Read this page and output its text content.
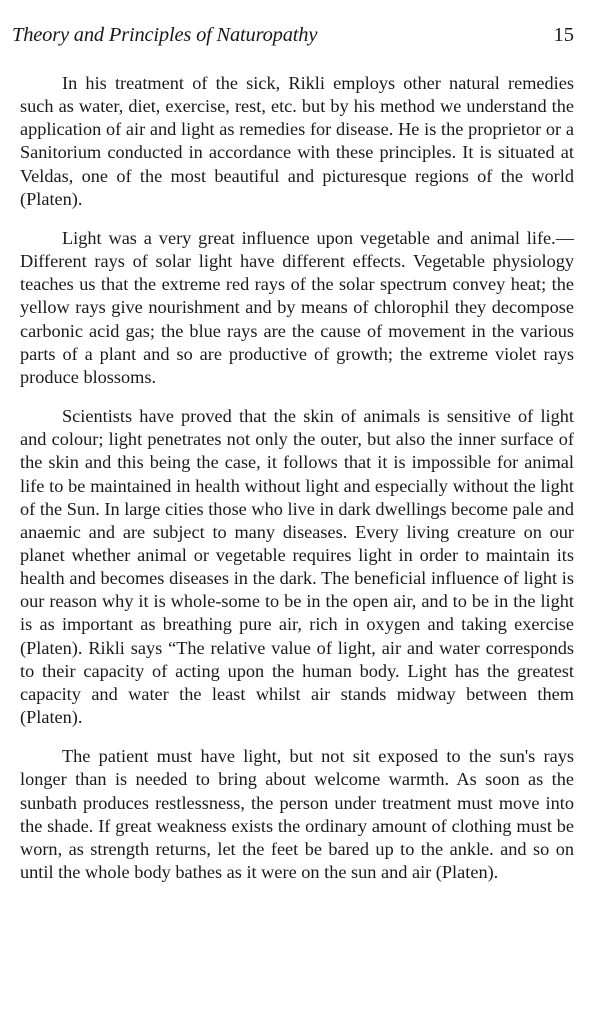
Theory and Principles of Naturopathy	15

In his treatment of the sick, Rikli employs other natural remedies such as water, diet, exercise, rest, etc. but by his method we understand the application of air and light as remedies for disease. He is the proprietor or a Sanitorium conducted in accordance with these principles. It is situated at Veldas, one of the most beautiful and picturesque regions of the world (Platen).

Light was a very great influence upon vegetable and animal life.—Different rays of solar light have different effects. Vegetable physiology teaches us that the extreme red rays of the solar spectrum convey heat; the yellow rays give nourishment and by means of chlorophil they decompose carbonic acid gas; the blue rays are the cause of movement in the various parts of a plant and so are productive of growth; the extreme violet rays produce blossoms.

Scientists have proved that the skin of animals is sensitive of light and colour; light penetrates not only the outer, but also the inner surface of the skin and this being the case, it follows that it is impossible for animal life to be maintained in health without light and especially without the light of the Sun. In large cities those who live in dark dwellings become pale and anaemic and are subject to many diseases. Every living creature on our planet whether animal or vegetable requires light in order to maintain its health and becomes diseases in the dark. The beneficial influence of light is our reason why it is whole-some to be in the open air, and to be in the light is as important as breathing pure air, rich in oxygen and taking exercise (Platen). Rikli says “The relative value of light, air and water corresponds to their capacity of acting upon the human body. Light has the greatest capacity and water the least whilst air stands midway between them (Platen).

The patient must have light, but not sit exposed to the sun's rays longer than is needed to bring about welcome warmth. As soon as the sunbath produces restlessness, the person under treatment must move into the shade. If great weakness exists the ordinary amount of clothing must be worn, as strength returns, let the feet be bared up to the ankle. and so on until the whole body bathes as it were on the sun and air (Platen).
